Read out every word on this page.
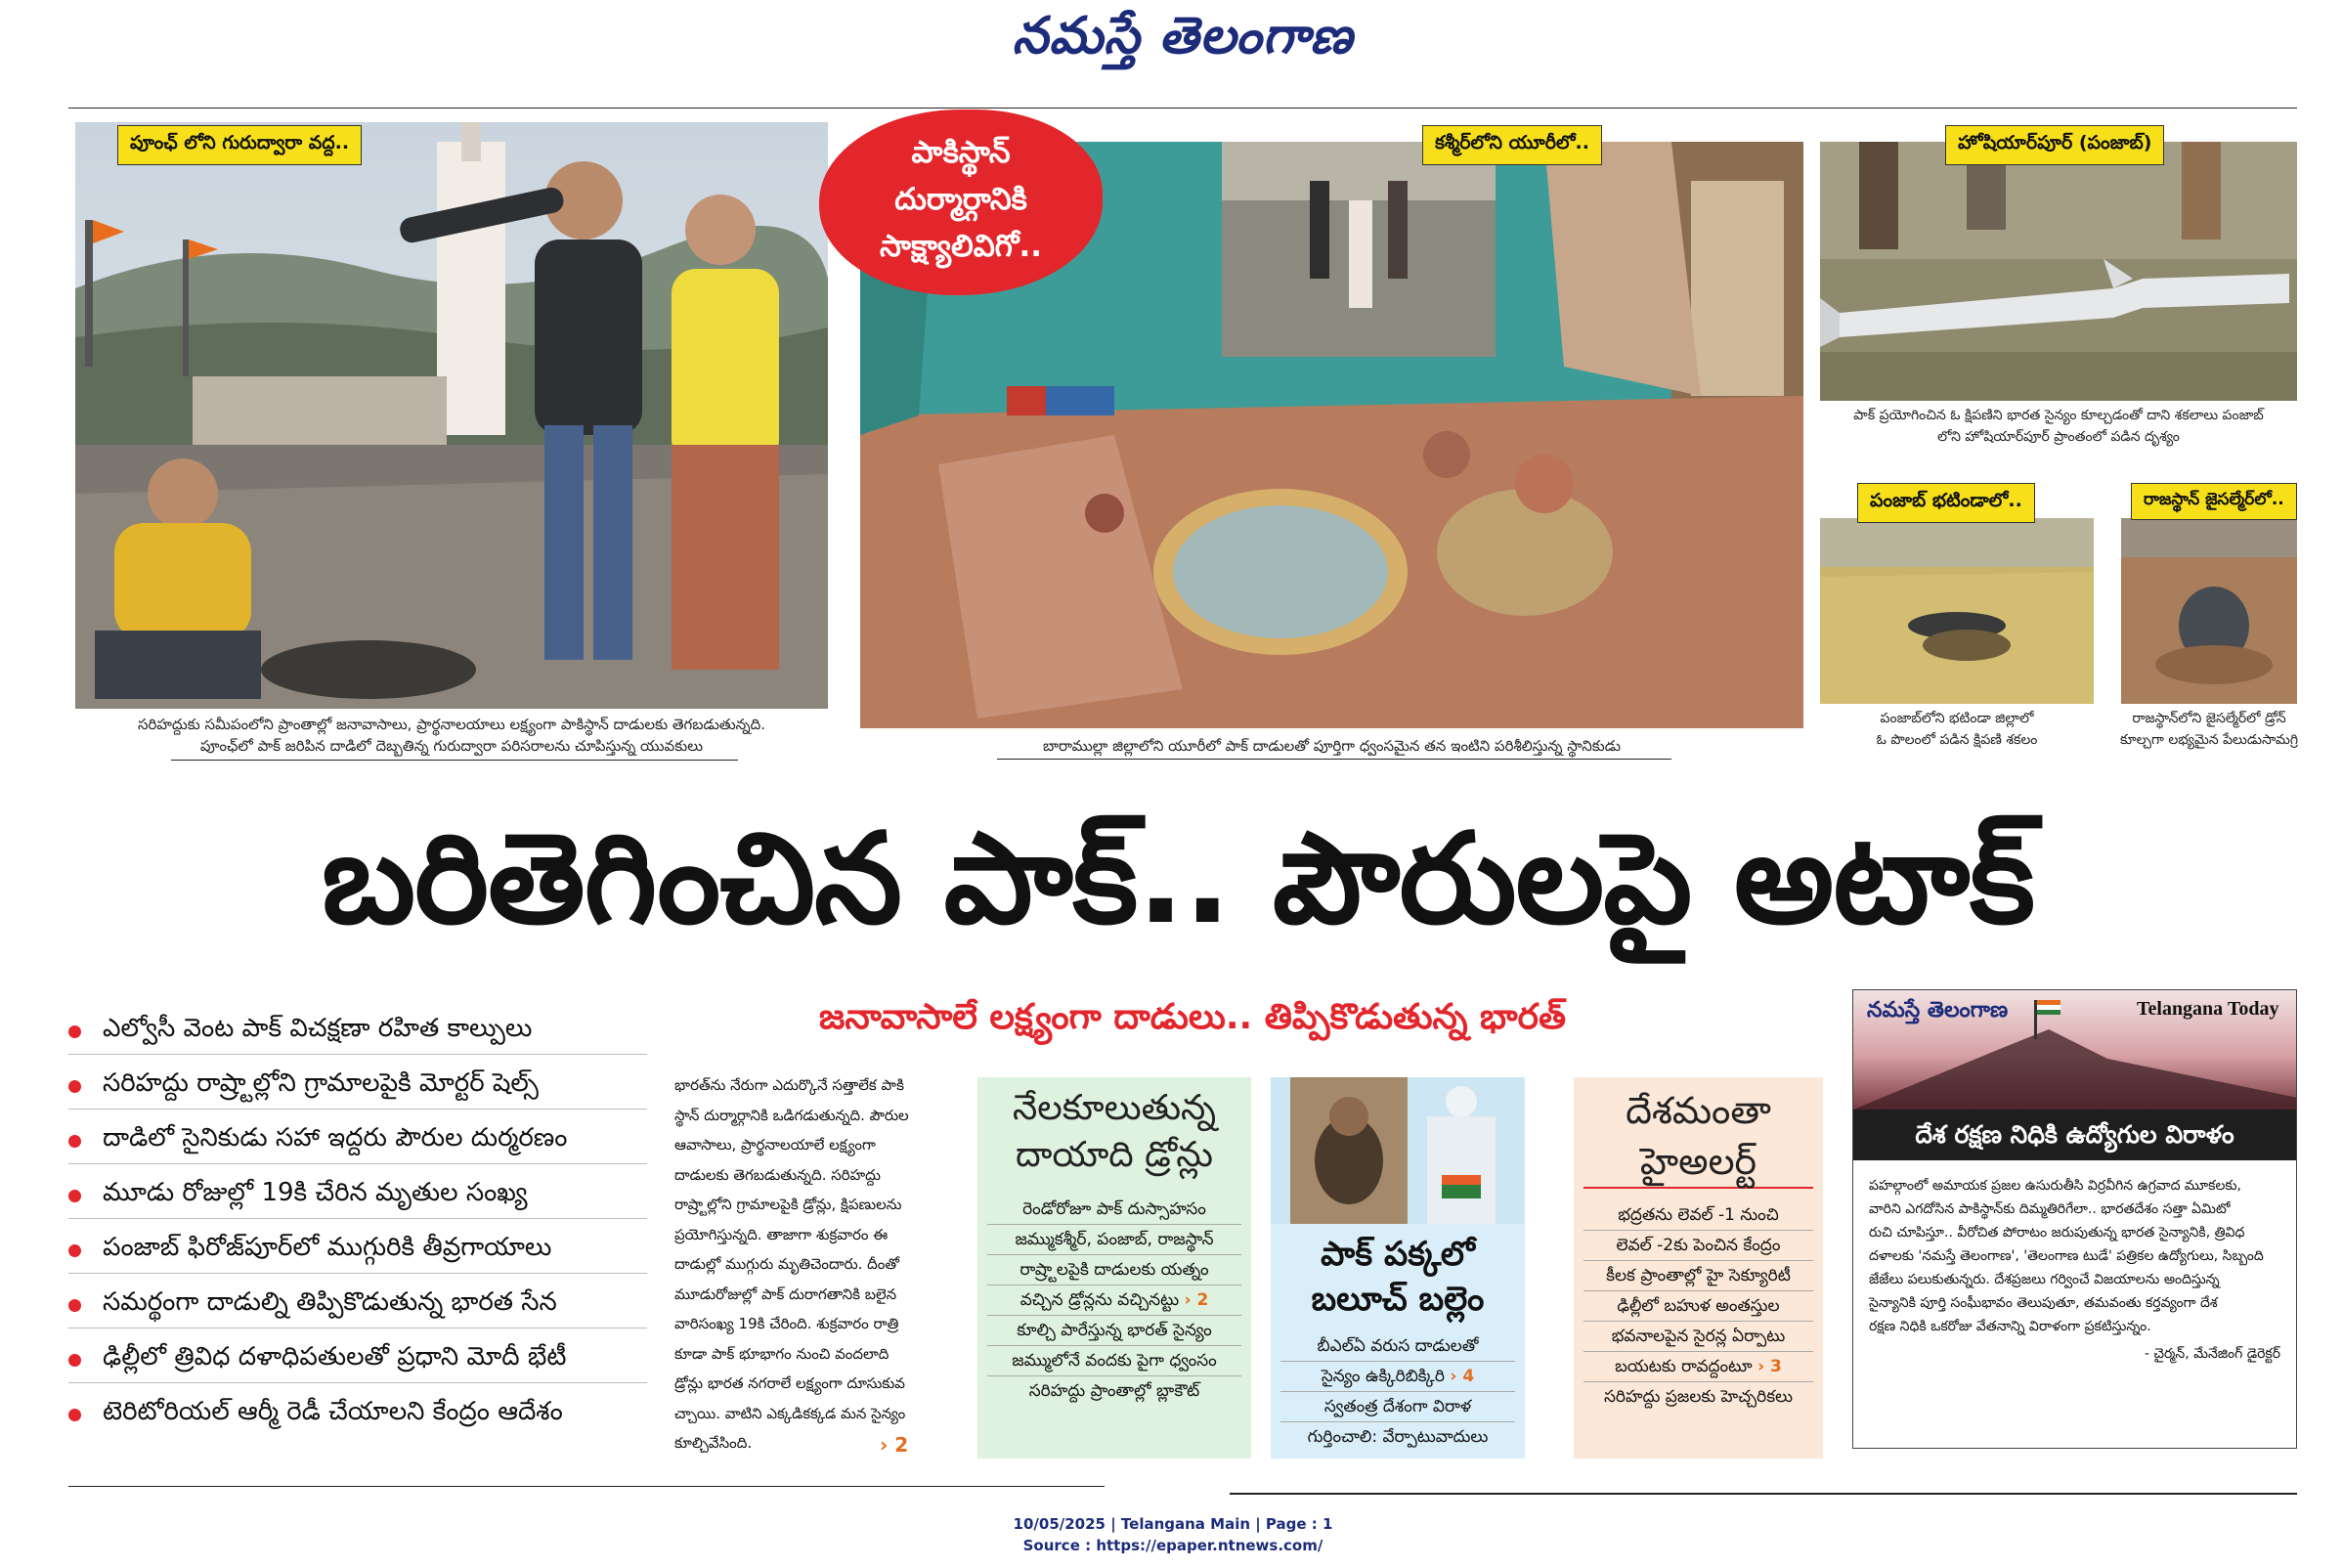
నమస్తే తెలంగాణ
పూంఛ్ లోని గురుద్వారా వద్ద..
సరిహద్దుకు సమీపంలోని ప్రాంతాల్లో జనావాసాలు, ప్రార్థనాలయాలు లక్ష్యంగా పాకిస్థాన్ దాడులకు తెగబడుతున్నది.
పూంఛ్‌లో పాక్ జరిపిన దాడిలో దెబ్బతిన్న గురుద్వారా పరిసరాలను చూపిస్తున్న యువకులు
పాకిస్థాన్
దుర్మార్గానికి
సాక్ష్యాలివిగో..
కశ్మీర్‌లోని యూరీలో..
బారాముల్లా జిల్లాలోని యూరీలో పాక్ దాడులతో పూర్తిగా ధ్వంసమైన తన ఇంటిని పరిశీలిస్తున్న స్థానికుడు
హోషియార్‌పూర్ (పంజాబ్)
పాక్ ప్రయోగించిన ఓ క్షిపణిని భారత సైన్యం కూల్చడంతో దాని శకలాలు పంజాబ్
లోని హోషియార్‌పూర్ ప్రాంతంలో పడిన దృశ్యం
పంజాబ్ భటిండాలో..
పంజాబ్‌లోని భటిండా జిల్లాలో
ఓ పొలంలో పడిన క్షిపణి శకలం
రాజస్థాన్ జైసల్మేర్‌లో..
రాజస్థాన్‌లోని జైసల్మేర్‌లో డ్రోన్
కూల్చగా లభ్యమైన పేలుడుసామగ్రి
బరితెగించిన పాక్.. పౌరులపై అటాక్
జనావాసాలే లక్ష్యంగా దాడులు.. తిప్పికొడుతున్న భారత్
ఎల్వోసీ వెంట పాక్ విచక్షణా రహిత కాల్పులు
సరిహద్దు రాష్ర్టాల్లోని గ్రామాలపైకి మోర్టర్ షెల్స్
దాడిలో సైనికుడు సహా ఇద్దరు పౌరుల దుర్మరణం
మూడు రోజుల్లో 19కి చేరిన మృతుల సంఖ్య
పంజాబ్ ఫిరోజ్‌పూర్‌లో ముగ్గురికి తీవ్రగాయాలు
సమర్థంగా దాడుల్ని తిప్పికొడుతున్న భారత సేన
ఢిల్లీలో త్రివిధ దళాధిపతులతో ప్రధాని మోదీ భేటీ
టెరిటోరియల్ ఆర్మీ రెడీ చేయాలని కేంద్రం ఆదేశం
భారత్‌ను నేరుగా ఎదుర్కొనే సత్తాలేక పాకి
స్థాన్ దుర్మార్గానికి ఒడిగడుతున్నది. పౌరుల
ఆవాసాలు, ప్రార్థనాలయాలే లక్ష్యంగా
దాడులకు తెగబడుతున్నది. సరిహద్దు
రాష్ర్టాల్లోని గ్రామాలపైకి డ్రోన్లు, క్షిపణులను
ప్రయోగిస్తున్నది. తాజాగా శుక్రవారం ఈ
దాడుల్లో ముగ్గురు మృతిచెందారు. దీంతో
మూడురోజుల్లో పాక్ దురాగతానికి బలైన
వారిసంఖ్య 19కి చేరింది. శుక్రవారం రాత్రి
కూడా పాక్ భూభాగం నుంచి వందలాది
డ్రోన్లు భారత నగరాలే లక్ష్యంగా దూసుకువ
చ్చాయి. వాటిని ఎక్కడికక్కడ మన సైన్యం
కూల్చివేసింది.	› 2
నేలకూలుతున్న
దాయాది డ్రోన్లు
రెండోరోజూ పాక్ దుస్సాహసం
జమ్ముకశ్మీర్, పంజాబ్, రాజస్థాన్
రాష్ర్టాలపైకి దాడులకు యత్నం
వచ్చిన డ్రోన్లను వచ్చినట్టు › 2
కూల్చి పారేస్తున్న భారత్ సైన్యం
జమ్ములోనే వందకు పైగా ధ్వంసం
సరిహద్దు ప్రాంతాల్లో బ్లాకౌట్
పాక్ పక్కలో
బలూచ్ బల్లెం
బీఎల్ఏ వరుస దాడులతో
సైన్యం ఉక్కిరిబిక్కిరి › 4
స్వతంత్ర దేశంగా విరాళ
గుర్తించాలి: వేర్పాటువాదులు
దేశమంతా
హైఅలర్ట్
భద్రతను లెవల్ -1 నుంచి
లెవల్ -2కు పెంచిన కేంద్రం
కీలక ప్రాంతాల్లో హై సెక్యూరిటీ
ఢిల్లీలో బహుళ అంతస్తుల
భవనాలపైన సైరన్ల ఏర్పాటు
బయటకు రావద్దంటూ › 3
సరిహద్దు ప్రజలకు హెచ్చరికలు
నమస్తే తెలంగాణ	Telangana Today
దేశ రక్షణ నిధికి ఉద్యోగుల విరాళం
పహల్గాంలో అమాయక ప్రజల ఉసురుతీసి విర్రవీగిన ఉగ్రవాద మూకలకు,
వారిని ఎగదోసిన పాకిస్థాన్‌కు దిమ్మతిరిగేలా.. భారతదేశం సత్తా ఏమిటో
రుచి చూపిస్తూ.. వీరోచిత పోరాటం జరుపుతున్న భారత సైన్యానికి, త్రివిధ
దళాలకు 'నమస్తే తెలంగాణ', 'తెలంగాణ టుడే' పత్రికల ఉద్యోగులు, సిబ్బంది
జేజేలు పలుకుతున్నరు. దేశప్రజలు గర్వించే విజయాలను అందిస్తున్న
సైన్యానికి పూర్తి సంఘీభావం తెలుపుతూ, తమవంతు కర్తవ్యంగా దేశ
రక్షణ నిధికి ఒకరోజు వేతనాన్ని విరాళంగా ప్రకటిస్తున్నం.
- చైర్మన్, మేనేజింగ్ డైరెక్టర్
10/05/2025 | Telangana Main | Page : 1
Source : https://epaper.ntnews.com/
